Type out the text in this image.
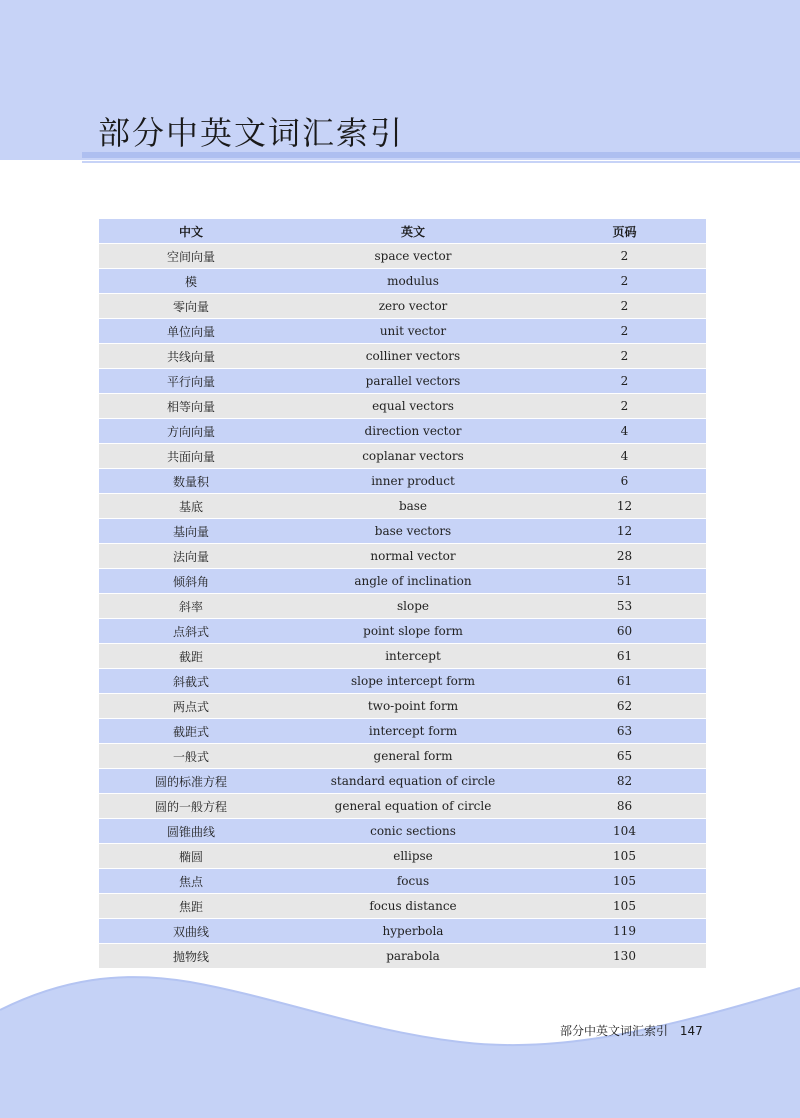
部分中英文词汇索引
中文	英文	页码
空间向量	space vector	2
模	modulus	2
零向量	zero vector	2
单位向量	unit vector	2
共线向量	colliner vectors	2
平行向量	parallel vectors	2
相等向量	equal vectors	2
方向向量	direction vector	4
共面向量	coplanar vectors	4
数量积	inner product	6
基底	base	12
基向量	base vectors	12
法向量	normal vector	28
倾斜角	angle of inclination	51
斜率	slope	53
点斜式	point slope form	60
截距	intercept	61
斜截式	slope intercept form	61
两点式	two-point form	62
截距式	intercept form	63
一般式	general form	65
圆的标准方程	standard equation of circle	82
圆的一般方程	general equation of circle	86
圆锥曲线	conic sections	104
椭圆	ellipse	105
焦点	focus	105
焦距	focus distance	105
双曲线	hyperbola	119
抛物线	parabola	130
部分中英文词汇索引 147
